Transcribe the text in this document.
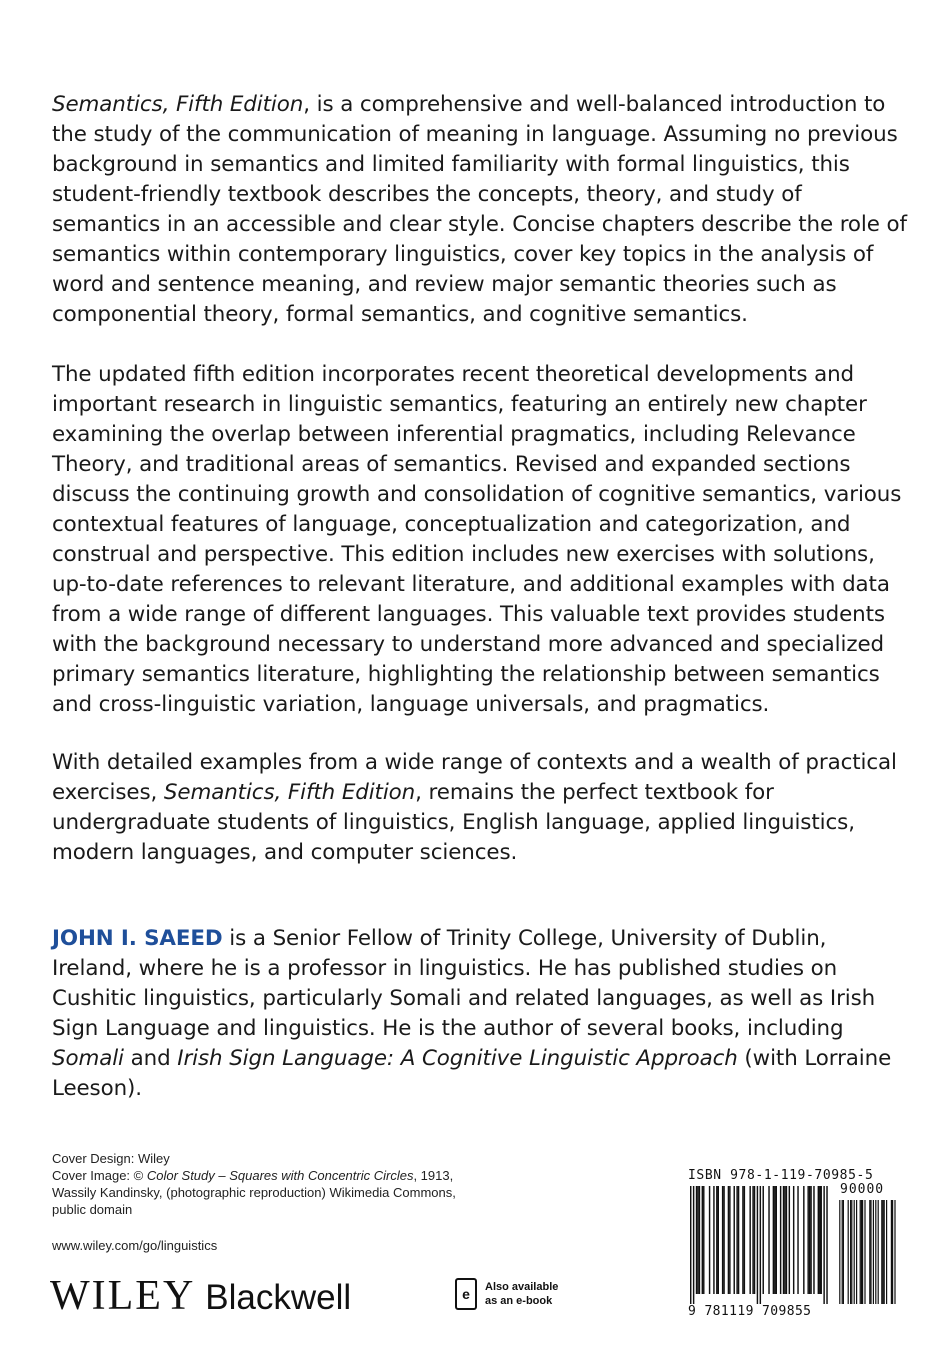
Semantics, Fifth Edition, is a comprehensive and well-balanced introduction to the study of the communication of meaning in language. Assuming no previous background in semantics and limited familiarity with formal linguistics, this student-friendly textbook describes the concepts, theory, and study of semantics in an accessible and clear style. Concise chapters describe the role of semantics within contemporary linguistics, cover key topics in the analysis of word and sentence meaning, and review major semantic theories such as componential theory, formal semantics, and cognitive semantics.

The updated fifth edition incorporates recent theoretical developments and important research in linguistic semantics, featuring an entirely new chapter examining the overlap between inferential pragmatics, including Relevance Theory, and traditional areas of semantics. Revised and expanded sections discuss the continuing growth and consolidation of cognitive semantics, various contextual features of language, conceptualization and categorization, and construal and perspective. This edition includes new exercises with solutions, up-to-date references to relevant literature, and additional examples with data from a wide range of different languages. This valuable text provides students with the background necessary to understand more advanced and specialized primary semantics literature, highlighting the relationship between semantics and cross-linguistic variation, language universals, and pragmatics.

With detailed examples from a wide range of contexts and a wealth of practical exercises, Semantics, Fifth Edition, remains the perfect textbook for undergraduate students of linguistics, English language, applied linguistics, modern languages, and computer sciences.

JOHN I. SAEED is a Senior Fellow of Trinity College, University of Dublin, Ireland, where he is a professor in linguistics. He has published studies on Cushitic linguistics, particularly Somali and related languages, as well as Irish Sign Language and linguistics. He is the author of several books, including Somali and Irish Sign Language: A Cognitive Linguistic Approach (with Lorraine Leeson).

Cover Design: Wiley
Cover Image: © Color Study – Squares with Concentric Circles, 1913, Wassily Kandinsky, (photographic reproduction) Wikimedia Commons, public domain

www.wiley.com/go/linguistics
WILEY Blackwell	e	Also available
as an e-book
ISBN 978-1-119-70985-5
90000
9 781119 709855
